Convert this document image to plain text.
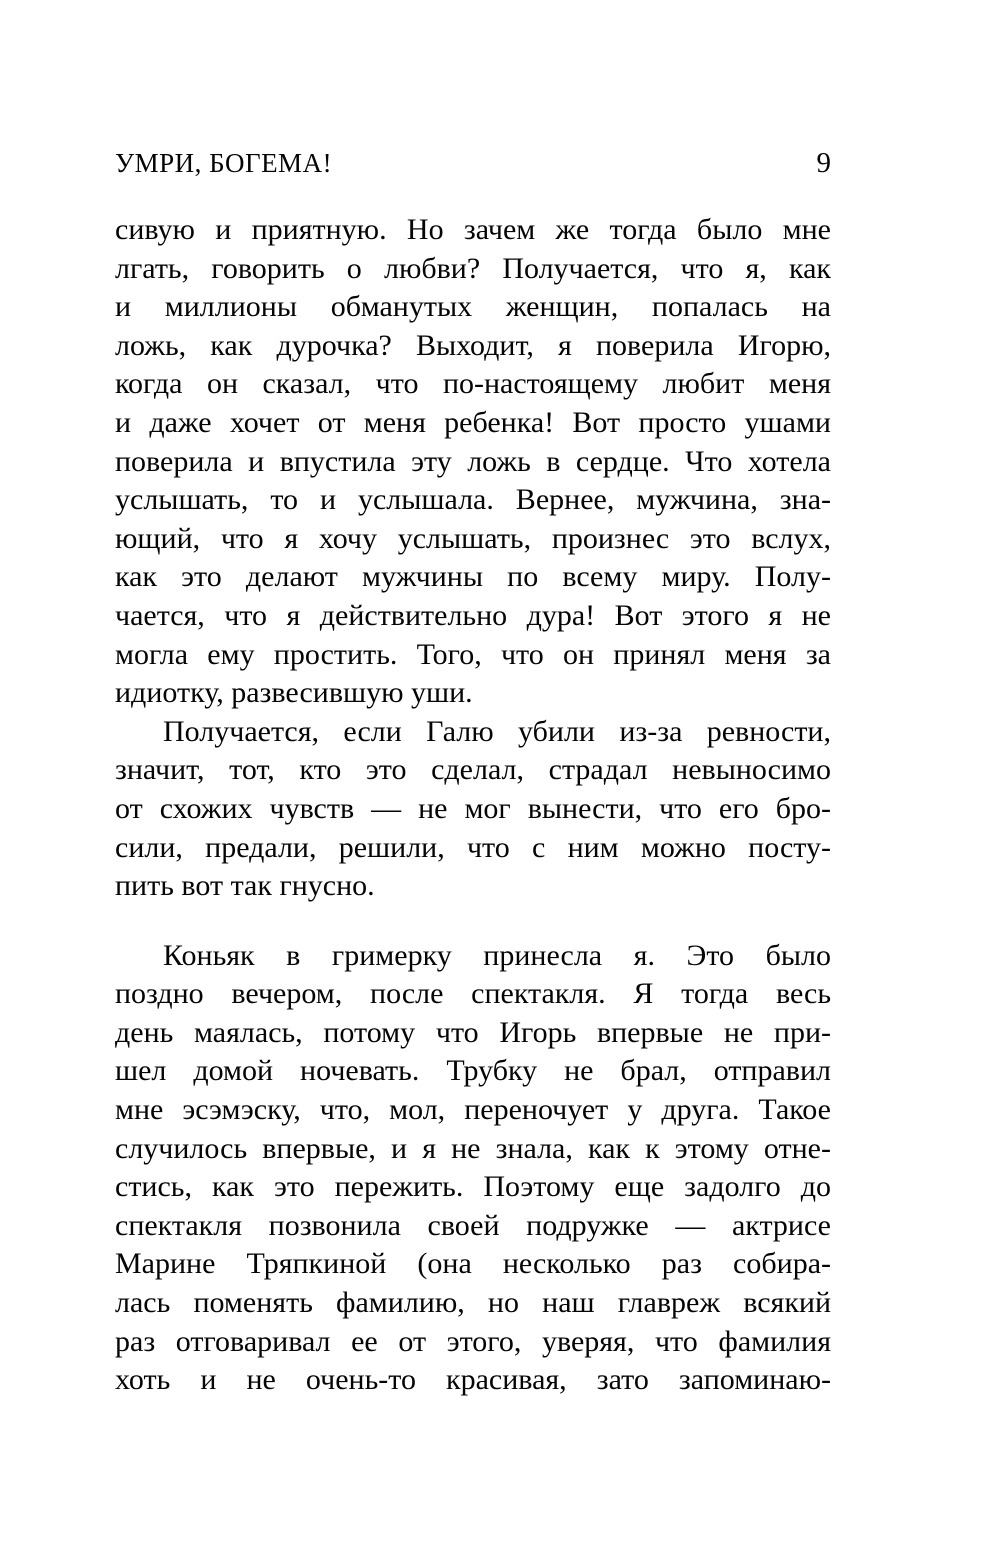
УМРИ, БОГЕМА!	9
сивую и приятную. Но зачем же тогда было мне
лгать, говорить о любви? Получается, что я, как
и миллионы обманутых женщин, попалась на
ложь, как дурочка? Выходит, я поверила Игорю,
когда он сказал, что по-настоящему любит меня
и даже хочет от меня ребенка! Вот просто ушами
поверила и впустила эту ложь в сердце. Что хотела
услышать, то и услышала. Вернее, мужчина, зна-
ющий, что я хочу услышать, произнес это вслух,
как это делают мужчины по всему миру. Полу-
чается, что я действительно дура! Вот этого я не
могла ему простить. Того, что он принял меня за
идиотку, развесившую уши.
Получается, если Галю убили из-за ревности,
значит, тот, кто это сделал, страдал невыносимо
от схожих чувств — не мог вынести, что его бро-
сили, предали, решили, что с ним можно посту-
пить вот так гнусно.
Коньяк в гримерку принесла я. Это было
поздно вечером, после спектакля. Я тогда весь
день маялась, потому что Игорь впервые не при-
шел домой ночевать. Трубку не брал, отправил
мне эсэмэску, что, мол, переночует у друга. Такое
случилось впервые, и я не знала, как к этому отне-
стись, как это пережить. Поэтому еще задолго до
спектакля позвонила своей подружке — актрисе
Марине Тряпкиной (она несколько раз собира-
лась поменять фамилию, но наш главреж всякий
раз отговаривал ее от этого, уверяя, что фамилия
хоть и не очень-то красивая, зато запоминаю-
